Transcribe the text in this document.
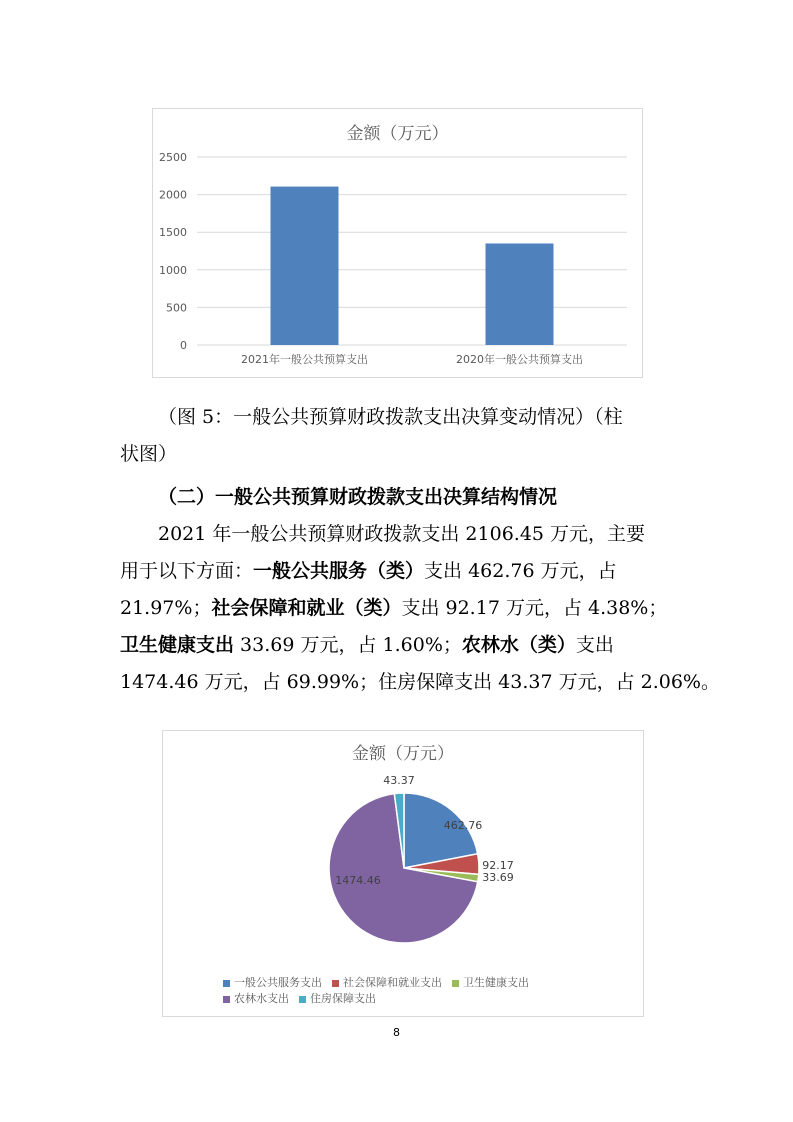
金额（万元）
0
500
1000
1500
2000
2500
2021年一般公共预算支出	2020年一般公共预算支出
（图 5：一般公共预算财政拨款支出决算变动情况）（柱
状图）
（二）一般公共预算财政拨款支出决算结构情况
2021 年一般公共预算财政拨款支出 2106.45 万元，主要
用于以下方面：一般公共服务（类）支出 462.76 万元，占
21.97%；社会保障和就业（类）支出 92.17 万元，占 4.38%；
卫生健康支出 33.69 万元，占 1.60%；农林水（类）支出
1474.46 万元，占 69.99%；住房保障支出 43.37 万元，占 2.06%。
金额（万元）
462.76
92.17
33.69
1474.46
43.37
一般公共服务支出 社会保障和就业支出 卫生健康支出
农林水支出 住房保障支出
8
